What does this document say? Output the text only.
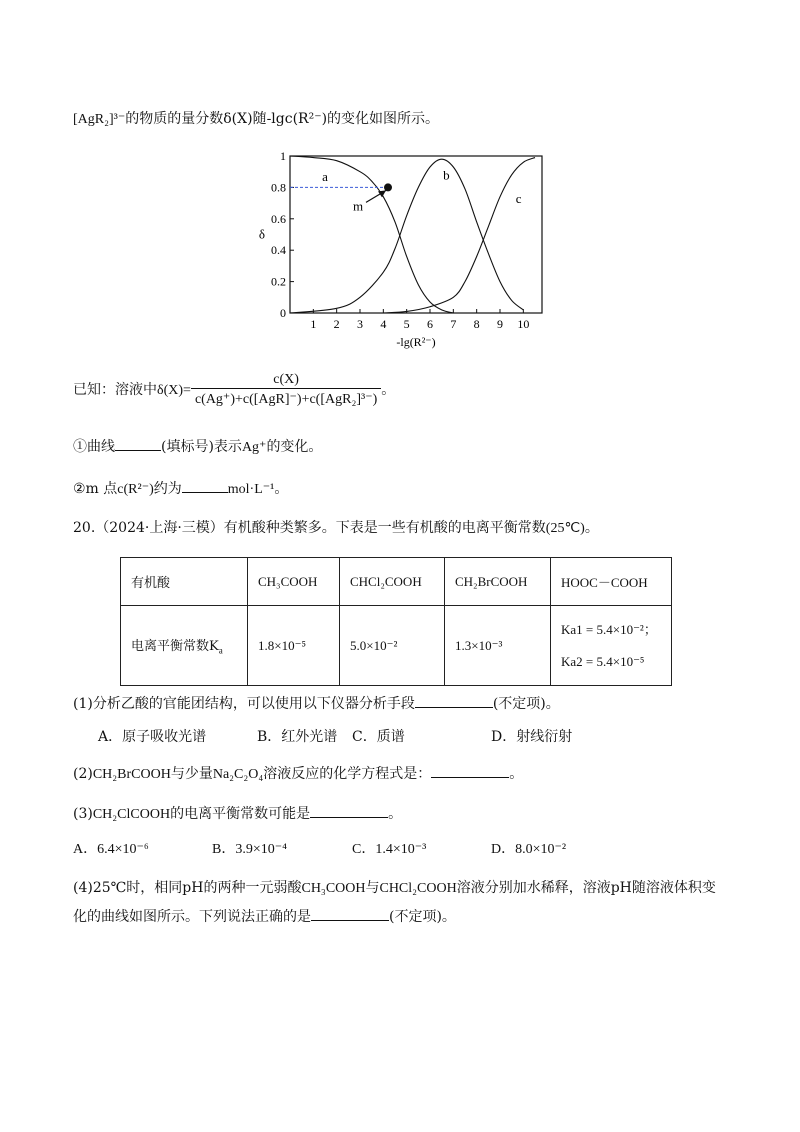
[AgR₂]³⁻的物质的量分数δ(X)随-lgc(R²⁻)的变化如图所示。
1 2 3 4 5 6 7 8 9 10
0
0.2
0.4
0.6
0.8
1
-lg(R²⁻)
δ
a	b
c
m
已知：溶液中$\delta(X)= \frac{c(X)}{\text{c(Ag⁺)+c([AgR]⁻)+c([AgR₂]³⁻)}}$ 。
①曲线	(填标号)表示Ag⁺的变化。
②m 点c(R²⁻)约为	mol·L⁻¹。
20.（2024·上海·三模）有机酸种类繁多。下表是一些有机酸的电离平衡常数(25℃)。
有机酸	CH₃COOH	CHCl₂COOH	CH₂BrCOOH	HOOC－COOH
电离平衡常数$K_a$	1.8×10⁻⁵	5.0×10⁻²	1.3×10⁻³	Ka1 = 5.4×10⁻²；
Ka2 = 5.4×10⁻⁵
(1)分析乙酸的官能团结构，可以使用以下仪器分析手段	(不定项)。
A．原子吸收光谱	B．红外光谱 C．质谱	D．射线衍射
(2)CH₂BrCOOH与少量Na₂C₂O₄溶液反应的化学方程式是：	。
(3)CH₂ClCOOH的电离平衡常数可能是	。
A．6.4×10⁻⁶	B．3.9×10⁻⁴	C．1.4×10⁻³	D．8.0×10⁻²
(4)25℃时，相同pH的两种一元弱酸CH₃COOH与CHCl₂COOH溶液分别加水稀释，溶液pH随溶液体积变
化的曲线如图所示。下列说法正确的是	(不定项)。
